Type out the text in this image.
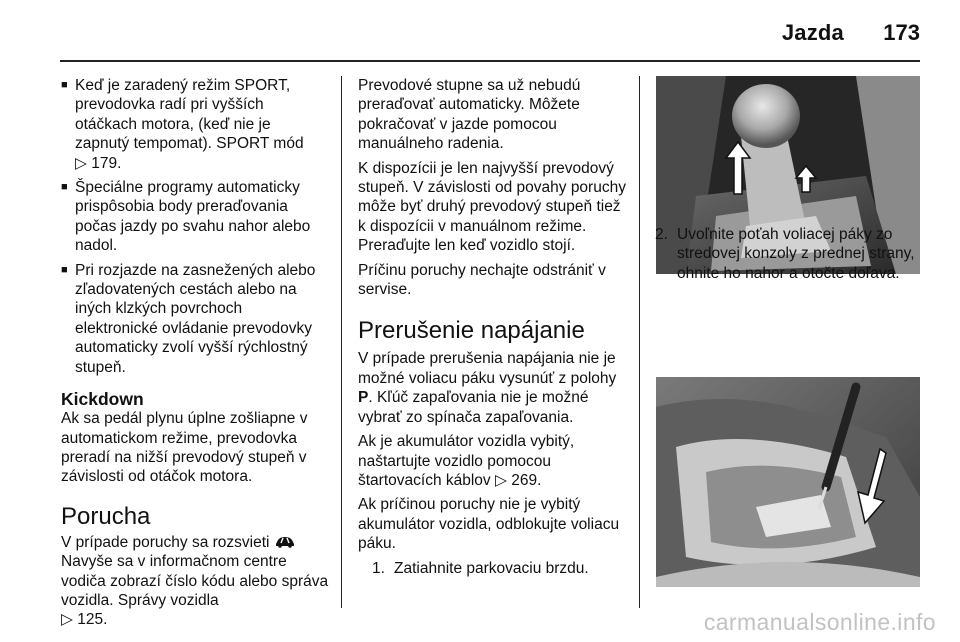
Jazda 173
■ Keď je zaradený režim SPORT, prevodovka radí pri vyšších otáčkach motora, (keď nie je zapnutý tempomat). SPORT mód
▷ 179.
■ Špeciálne programy automaticky prispôsobia body preraďovania počas jazdy po svahu nahor alebo nadol.
■ Pri rozjazde na zasnežených alebo zľadovatených cestách alebo na iných klzkých povrchoch elektronické ovládanie prevodovky automaticky zvolí vyšší rýchlostný stupeň.
Kickdown

Ak sa pedál plynu úplne zošliapne v automatickom režime, prevodovka preradí na nižší prevodový stupeň v závislosti od otáčok motora.

Porucha

V prípade poruchy sa rozsvieti
Navyše sa v informačnom centre vodiča zobrazí číslo kódu alebo správa vozidla. Správy vozidla
▷ 125.

Prevodové stupne sa už nebudú preraďovať automaticky. Môžete pokračovať v jazde pomocou manuálneho radenia.

K dispozícii je len najvyšší prevodový stupeň. V závislosti od povahy poruchy môže byť druhý prevodový stupeň tiež k dispozícii v manuálnom režime. Preraďujte len keď vozidlo stojí.

Príčinu poruchy nechajte odstrániť v servise.

Prerušenie napájanie

V prípade prerušenia napájania nie je možné voliacu páku vysunúť z polohy P. Kľúč zapaľovania nie je možné vybrať zo spínača zapaľovania.

Ak je akumulátor vozidla vybitý, naštartujte vozidlo pomocou štartovacích káblov ▷ 269.

Ak príčinou poruchy nie je vybitý akumulátor vozidla, odblokujte voliacu páku.

1. Zatiahnite parkovaciu brzdu.
2. Uvoľnite poťah voliacej páky zo stredovej konzoly z prednej strany, ohnite ho nahor a otočte doľava.
carmanualsonline.info
